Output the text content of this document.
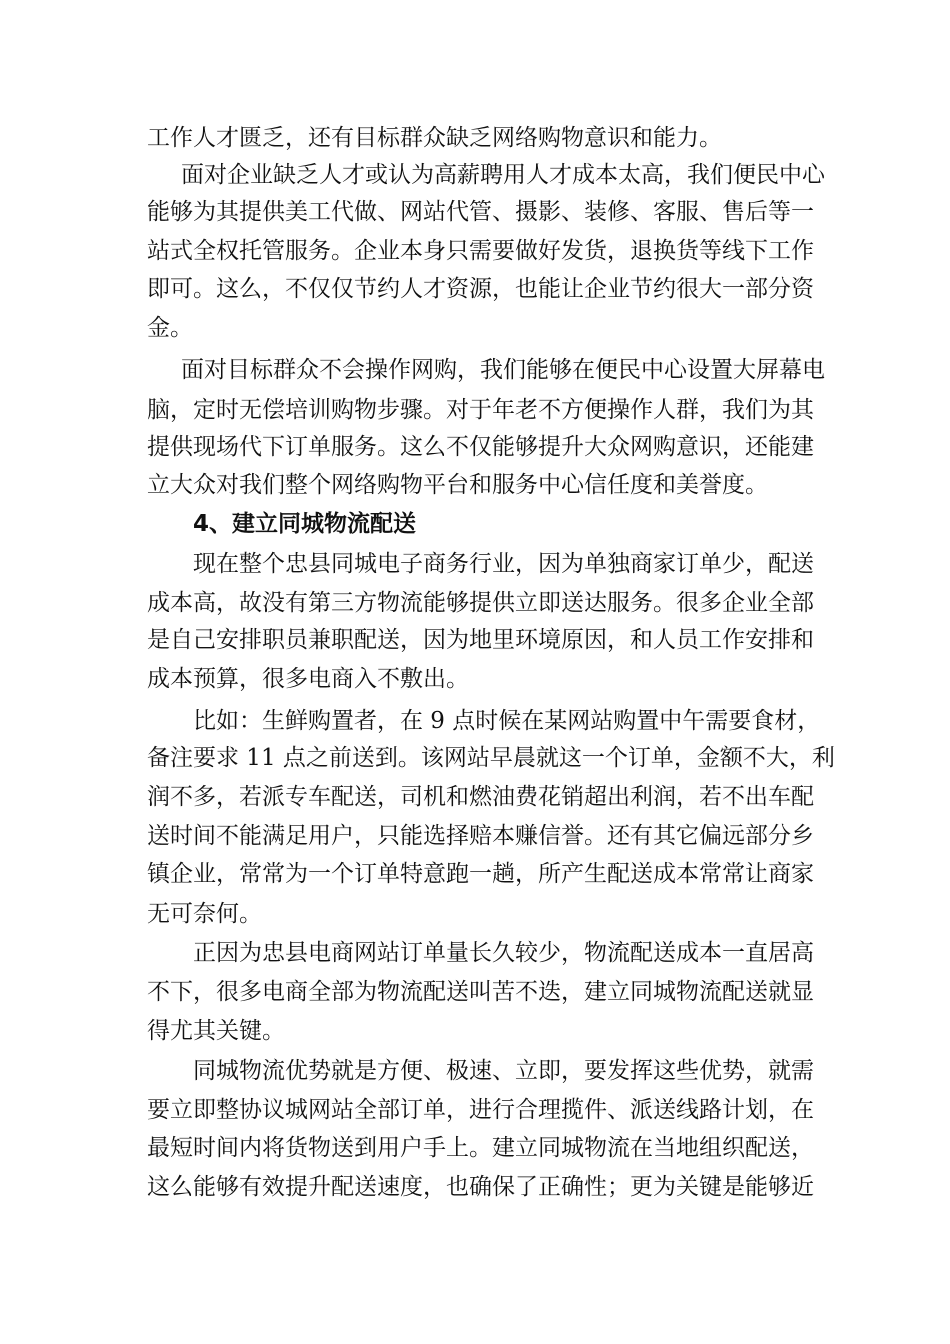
工作人才匮乏，还有目标群众缺乏网络购物意识和能力。
面对企业缺乏人才或认为高薪聘用人才成本太高，我们便民中心
能够为其提供美工代做、网站代管、摄影、装修、客服、售后等一
站式全权托管服务。企业本身只需要做好发货，退换货等线下工作
即可。这么，不仅仅节约人才资源，也能让企业节约很大一部分资
金。
面对目标群众不会操作网购，我们能够在便民中心设置大屏幕电
脑，定时无偿培训购物步骤。对于年老不方便操作人群，我们为其
提供现场代下订单服务。这么不仅能够提升大众网购意识，还能建
立大众对我们整个网络购物平台和服务中心信任度和美誉度。
4、建立同城物流配送
现在整个忠县同城电子商务行业，因为单独商家订单少，配送
成本高，故没有第三方物流能够提供立即送达服务。很多企业全部
是自己安排职员兼职配送，因为地里环境原因，和人员工作安排和
成本预算，很多电商入不敷出。
比如：生鲜购置者，在 9 点时候在某网站购置中午需要食材，
备注要求 11 点之前送到。该网站早晨就这一个订单，金额不大，利
润不多，若派专车配送，司机和燃油费花销超出利润，若不出车配
送时间不能满足用户，只能选择赔本赚信誉。还有其它偏远部分乡
镇企业，常常为一个订单特意跑一趟，所产生配送成本常常让商家
无可奈何。
正因为忠县电商网站订单量长久较少，物流配送成本一直居高
不下，很多电商全部为物流配送叫苦不迭，建立同城物流配送就显
得尤其关键。
同城物流优势就是方便、极速、立即，要发挥这些优势，就需
要立即整协议城网站全部订单，进行合理揽件、派送线路计划，在
最短时间内将货物送到用户手上。建立同城物流在当地组织配送，
这么能够有效提升配送速度，也确保了正确性；更为关键是能够近
